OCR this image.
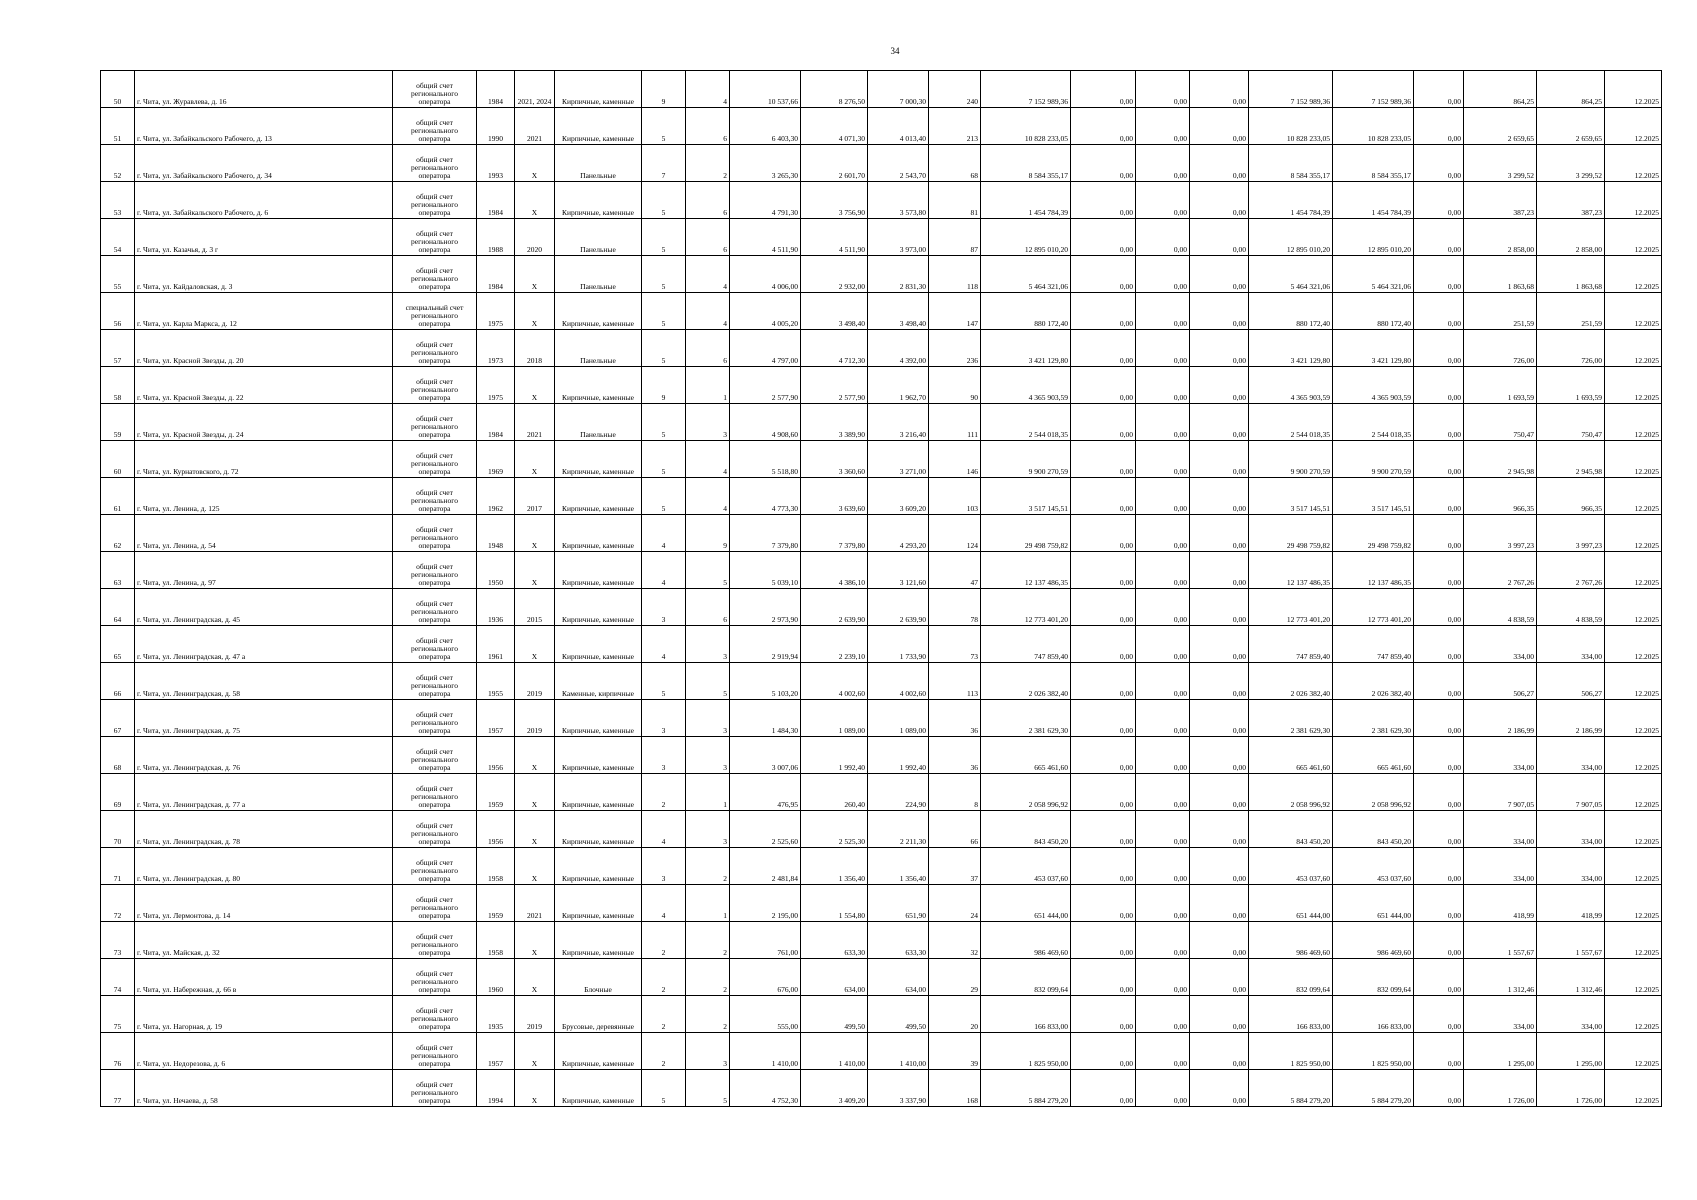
34
50	г. Чита, ул. Журавлева, д. 16	общий счет регионального оператора	1984	2021, 2024	Кирпичные, каменные	9	4	10 537,66	8 276,50	7 000,30	240	7 152 989,36	0,00	0,00	0,00	7 152 989,36	7 152 989,36	0,00	864,25	864,25	12.2025
51	г. Чита, ул. Забайкальского Рабочего, д. 13	общий счет регионального оператора	1990	2021	Кирпичные, каменные	5	6	6 403,30	4 071,30	4 013,40	213	10 828 233,05	0,00	0,00	0,00	10 828 233,05	10 828 233,05	0,00	2 659,65	2 659,65	12.2025
52	г. Чита, ул. Забайкальского Рабочего, д. 34	общий счет регионального оператора	1993	X	Панельные	7	2	3 265,30	2 601,70	2 543,70	68	8 584 355,17	0,00	0,00	0,00	8 584 355,17	8 584 355,17	0,00	3 299,52	3 299,52	12.2025
53	г. Чита, ул. Забайкальского Рабочего, д. 6	общий счет регионального оператора	1984	X	Кирпичные, каменные	5	6	4 791,30	3 756,90	3 573,80	81	1 454 784,39	0,00	0,00	0,00	1 454 784,39	1 454 784,39	0,00	387,23	387,23	12.2025
54	г. Чита, ул. Казачья, д. 3 г	общий счет регионального оператора	1988	2020	Панельные	5	6	4 511,90	4 511,90	3 973,00	87	12 895 010,20	0,00	0,00	0,00	12 895 010,20	12 895 010,20	0,00	2 858,00	2 858,00	12.2025
55	г. Чита, ул. Кайдаловская, д. 3	общий счет регионального оператора	1984	X	Панельные	5	4	4 006,00	2 932,00	2 831,30	118	5 464 321,06	0,00	0,00	0,00	5 464 321,06	5 464 321,06	0,00	1 863,68	1 863,68	12.2025
56	г. Чита, ул. Карла Маркса, д. 12	специальный счет регионального оператора	1975	X	Кирпичные, каменные	5	4	4 005,20	3 498,40	3 498,40	147	880 172,40	0,00	0,00	0,00	880 172,40	880 172,40	0,00	251,59	251,59	12.2025
57	г. Чита, ул. Красной Звезды, д. 20	общий счет регионального оператора	1973	2018	Панельные	5	6	4 797,00	4 712,30	4 392,00	236	3 421 129,80	0,00	0,00	0,00	3 421 129,80	3 421 129,80	0,00	726,00	726,00	12.2025
58	г. Чита, ул. Красной Звезды, д. 22	общий счет регионального оператора	1975	X	Кирпичные, каменные	9	1	2 577,90	2 577,90	1 962,70	90	4 365 903,59	0,00	0,00	0,00	4 365 903,59	4 365 903,59	0,00	1 693,59	1 693,59	12.2025
59	г. Чита, ул. Красной Звезды, д. 24	общий счет регионального оператора	1984	2021	Панельные	5	3	4 908,60	3 389,90	3 216,40	111	2 544 018,35	0,00	0,00	0,00	2 544 018,35	2 544 018,35	0,00	750,47	750,47	12.2025
60	г. Чита, ул. Курнатовского, д. 72	общий счет регионального оператора	1969	X	Кирпичные, каменные	5	4	5 518,80	3 360,60	3 271,00	146	9 900 270,59	0,00	0,00	0,00	9 900 270,59	9 900 270,59	0,00	2 945,98	2 945,98	12.2025
61	г. Чита, ул. Ленина, д. 125	общий счет регионального оператора	1962	2017	Кирпичные, каменные	5	4	4 773,30	3 639,60	3 609,20	103	3 517 145,51	0,00	0,00	0,00	3 517 145,51	3 517 145,51	0,00	966,35	966,35	12.2025
62	г. Чита, ул. Ленина, д. 54	общий счет регионального оператора	1948	X	Кирпичные, каменные	4	9	7 379,80	7 379,80	4 293,20	124	29 498 759,82	0,00	0,00	0,00	29 498 759,82	29 498 759,82	0,00	3 997,23	3 997,23	12.2025
63	г. Чита, ул. Ленина, д. 97	общий счет регионального оператора	1950	X	Кирпичные, каменные	4	5	5 039,10	4 386,10	3 121,60	47	12 137 486,35	0,00	0,00	0,00	12 137 486,35	12 137 486,35	0,00	2 767,26	2 767,26	12.2025
64	г. Чита, ул. Ленинградская, д. 45	общий счет регионального оператора	1936	2015	Кирпичные, каменные	3	6	2 973,90	2 639,90	2 639,90	78	12 773 401,20	0,00	0,00	0,00	12 773 401,20	12 773 401,20	0,00	4 838,59	4 838,59	12.2025
65	г. Чита, ул. Ленинградская, д. 47 а	общий счет регионального оператора	1961	X	Кирпичные, каменные	4	3	2 919,94	2 239,10	1 733,90	73	747 859,40	0,00	0,00	0,00	747 859,40	747 859,40	0,00	334,00	334,00	12.2025
66	г. Чита, ул. Ленинградская, д. 58	общий счет регионального оператора	1955	2019	Каменные, кирпичные	5	5	5 103,20	4 002,60	4 002,60	113	2 026 382,40	0,00	0,00	0,00	2 026 382,40	2 026 382,40	0,00	506,27	506,27	12.2025
67	г. Чита, ул. Ленинградская, д. 75	общий счет регионального оператора	1957	2019	Кирпичные, каменные	3	3	1 484,30	1 089,00	1 089,00	36	2 381 629,30	0,00	0,00	0,00	2 381 629,30	2 381 629,30	0,00	2 186,99	2 186,99	12.2025
68	г. Чита, ул. Ленинградская, д. 76	общий счет регионального оператора	1956	X	Кирпичные, каменные	3	3	3 007,06	1 992,40	1 992,40	36	665 461,60	0,00	0,00	0,00	665 461,60	665 461,60	0,00	334,00	334,00	12.2025
69	г. Чита, ул. Ленинградская, д. 77 а	общий счет регионального оператора	1959	X	Кирпичные, каменные	2	1	476,95	260,40	224,90	8	2 058 996,92	0,00	0,00	0,00	2 058 996,92	2 058 996,92	0,00	7 907,05	7 907,05	12.2025
70	г. Чита, ул. Ленинградская, д. 78	общий счет регионального оператора	1956	X	Кирпичные, каменные	4	3	2 525,60	2 525,30	2 211,30	66	843 450,20	0,00	0,00	0,00	843 450,20	843 450,20	0,00	334,00	334,00	12.2025
71	г. Чита, ул. Ленинградская, д. 80	общий счет регионального оператора	1958	X	Кирпичные, каменные	3	2	2 481,84	1 356,40	1 356,40	37	453 037,60	0,00	0,00	0,00	453 037,60	453 037,60	0,00	334,00	334,00	12.2025
72	г. Чита, ул. Лермонтова, д. 14	общий счет регионального оператора	1959	2021	Кирпичные, каменные	4	1	2 195,00	1 554,80	651,90	24	651 444,00	0,00	0,00	0,00	651 444,00	651 444,00	0,00	418,99	418,99	12.2025
73	г. Чита, ул. Майская, д. 32	общий счет регионального оператора	1958	X	Кирпичные, каменные	2	2	761,00	633,30	633,30	32	986 469,60	0,00	0,00	0,00	986 469,60	986 469,60	0,00	1 557,67	1 557,67	12.2025
74	г. Чита, ул. Набережная, д. 66 в	общий счет регионального оператора	1960	X	Блочные	2	2	676,00	634,00	634,00	29	832 099,64	0,00	0,00	0,00	832 099,64	832 099,64	0,00	1 312,46	1 312,46	12.2025
75	г. Чита, ул. Нагорная, д. 19	общий счет регионального оператора	1935	2019	Брусовые, деревянные	2	2	555,00	499,50	499,50	20	166 833,00	0,00	0,00	0,00	166 833,00	166 833,00	0,00	334,00	334,00	12.2025
76	г. Чита, ул. Недорезова, д. 6	общий счет регионального оператора	1957	X	Кирпичные, каменные	2	3	1 410,00	1 410,00	1 410,00	39	1 825 950,00	0,00	0,00	0,00	1 825 950,00	1 825 950,00	0,00	1 295,00	1 295,00	12.2025
77	г. Чита, ул. Нечаева, д. 58	общий счет регионального оператора	1994	X	Кирпичные, каменные	5	5	4 752,30	3 409,20	3 337,90	168	5 884 279,20	0,00	0,00	0,00	5 884 279,20	5 884 279,20	0,00	1 726,00	1 726,00	12.2025
